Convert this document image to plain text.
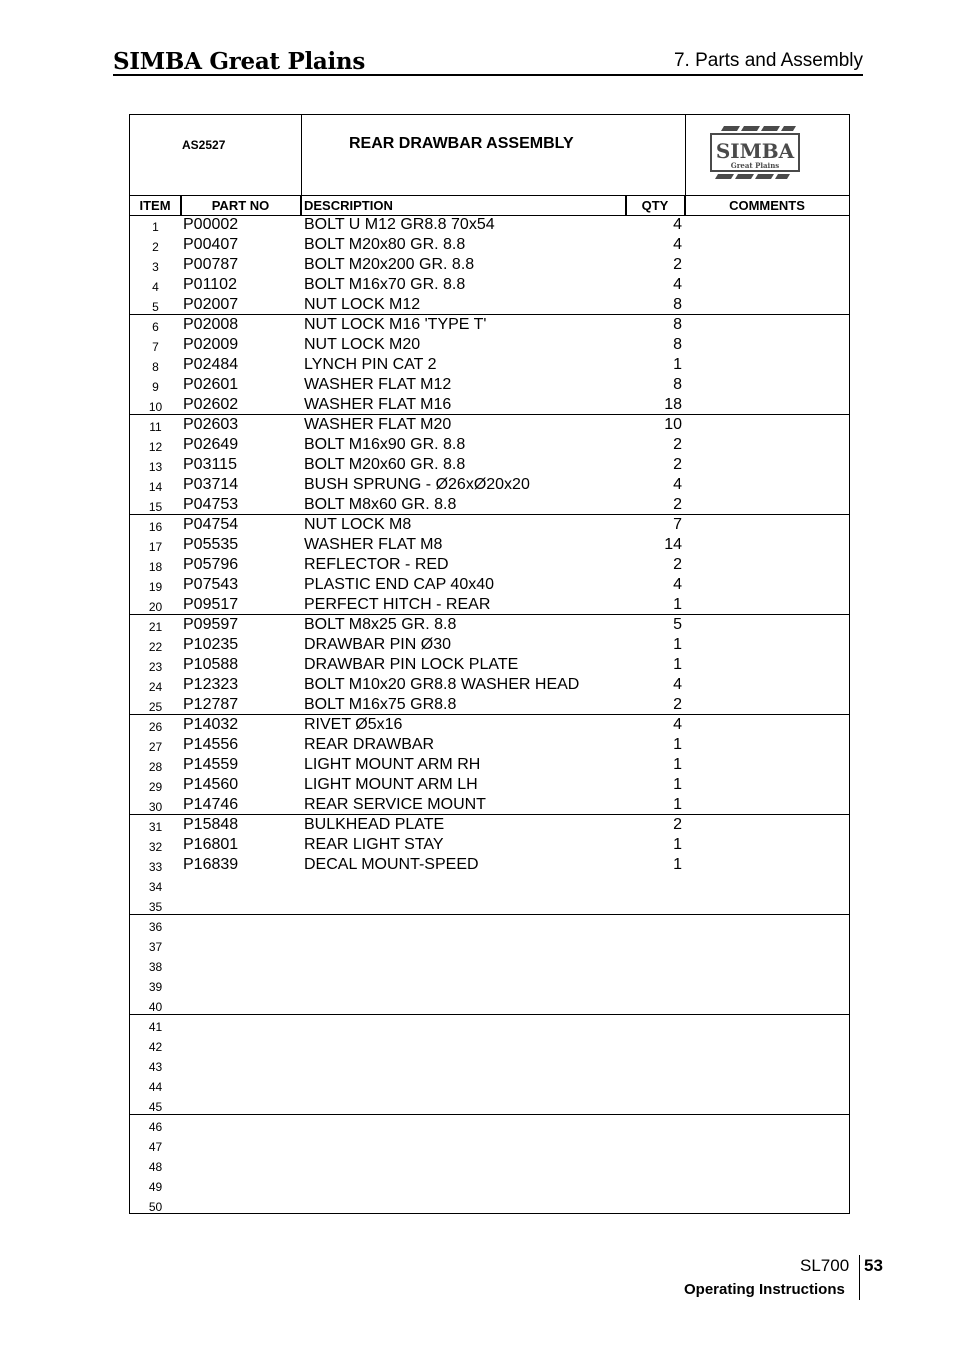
SIMBA Great Plains	7. Parts and Assembly
AS2527	REAR DRAWBAR ASSEMBLY	SIMBA
Great Plains
ITEM	PART NO	DESCRIPTION	QTY	COMMENTS
1	P00002	BOLT U M12 GR8.8 70x54	4
2	P00407	BOLT M20x80 GR. 8.8	4
3	P00787	BOLT M20x200 GR. 8.8	2
4	P01102	BOLT M16x70 GR. 8.8	4
5	P02007	NUT LOCK M12	8
6	P02008	NUT LOCK M16 'TYPE T'	8
7	P02009	NUT LOCK M20	8
8	P02484	LYNCH PIN CAT 2	1
9	P02601	WASHER FLAT M12	8
10	P02602	WASHER FLAT M16	18
11	P02603	WASHER FLAT M20	10
12	P02649	BOLT M16x90 GR. 8.8	2
13	P03115	BOLT M20x60 GR. 8.8	2
14	P03714	BUSH SPRUNG - Ø26xØ20x20	4
15	P04753	BOLT M8x60 GR. 8.8	2
16	P04754	NUT LOCK M8	7
17	P05535	WASHER FLAT M8	14
18	P05796	REFLECTOR - RED	2
19	P07543	PLASTIC END CAP 40x40	4
20	P09517	PERFECT HITCH - REAR	1
21	P09597	BOLT M8x25 GR. 8.8	5
22	P10235	DRAWBAR PIN Ø30	1
23	P10588	DRAWBAR PIN LOCK PLATE	1
24	P12323	BOLT M10x20 GR8.8 WASHER HEAD	4
25	P12787	BOLT M16x75 GR8.8	2
26	P14032	RIVET Ø5x16	4
27	P14556	REAR DRAWBAR	1
28	P14559	LIGHT MOUNT ARM RH	1
29	P14560	LIGHT MOUNT ARM LH	1
30	P14746	REAR SERVICE MOUNT	1
31	P15848	BULKHEAD PLATE	2
32	P16801	REAR LIGHT STAY	1
33	P16839	DECAL MOUNT-SPEED	1
34
35
36
37
38
39
40
41
42
43
44
45
46
47
48
49
50
SL700 53
Operating Instructions
